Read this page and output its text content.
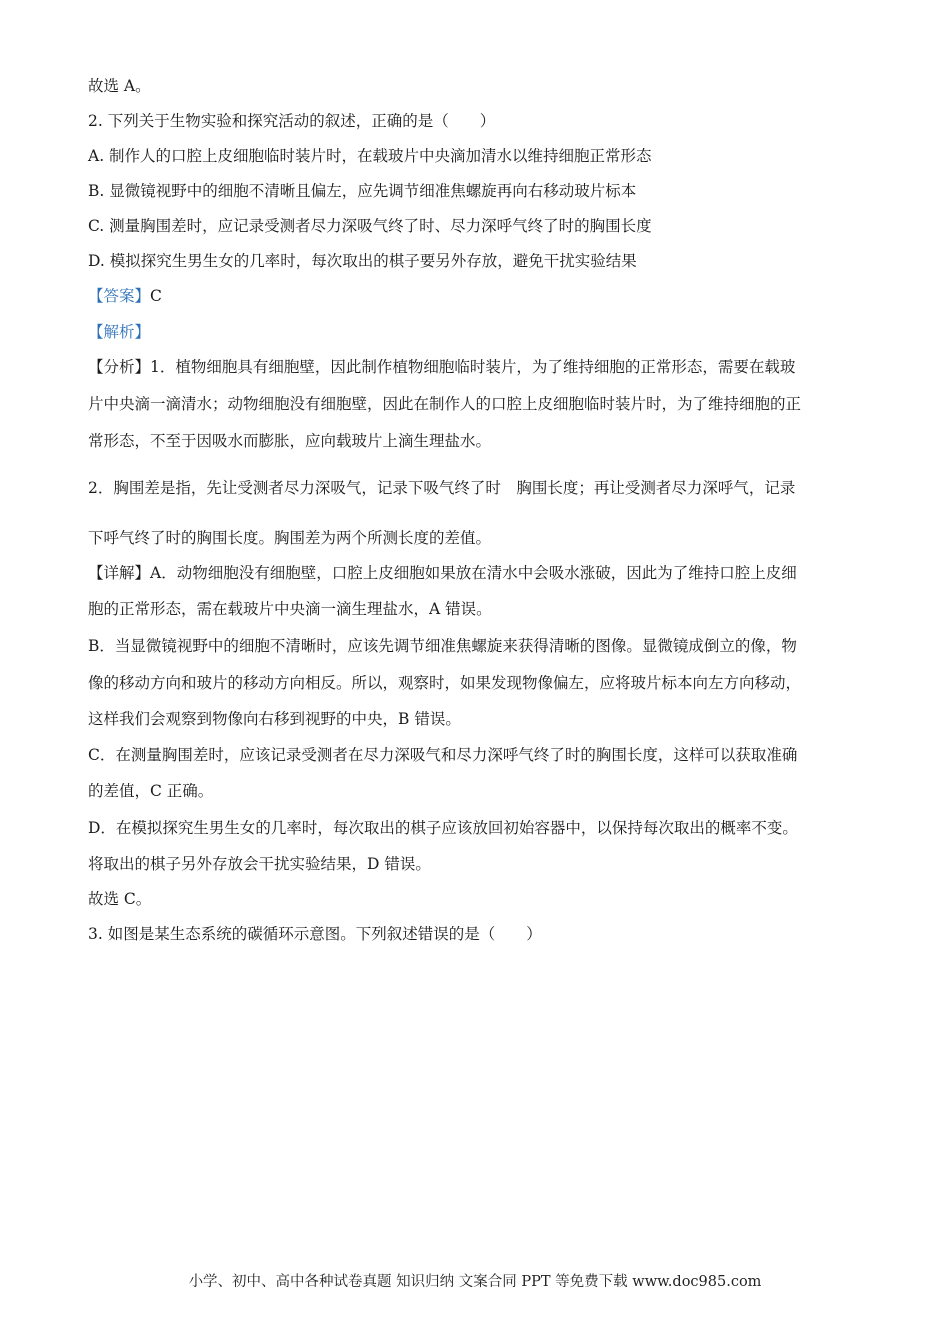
故选 A。
2. 下列关于生物实验和探究活动的叙述，正确的是（　　）
A. 制作人的口腔上皮细胞临时装片时，在载玻片中央滴加清水以维持细胞正常形态
B. 显微镜视野中的细胞不清晰且偏左，应先调节细准焦螺旋再向右移动玻片标本
C. 测量胸围差时，应记录受测者尽力深吸气终了时、尽力深呼气终了时的胸围长度
D. 模拟探究生男生女的几率时，每次取出的棋子要另外存放，避免干扰实验结果
【答案】C
【解析】
【分析】1．植物细胞具有细胞壁，因此制作植物细胞临时装片，为了维持细胞的正常形态，需要在载玻
片中央滴一滴清水；动物细胞没有细胞壁，因此在制作人的口腔上皮细胞临时装片时，为了维持细胞的正
常形态，不至于因吸水而膨胀，应向载玻片上滴生理盐水。
2．胸围差是指，先让受测者尽力深吸气，记录下吸气终了时　胸围长度；再让受测者尽力深呼气，记录
下呼气终了时的胸围长度。胸围差为两个所测长度的差值。
【详解】A．动物细胞没有细胞壁，口腔上皮细胞如果放在清水中会吸水涨破，因此为了维持口腔上皮细
胞的正常形态，需在载玻片中央滴一滴生理盐水，A 错误。
B．当显微镜视野中的细胞不清晰时，应该先调节细准焦螺旋来获得清晰的图像。显微镜成倒立的像，物
像的移动方向和玻片的移动方向相反。所以，观察时，如果发现物像偏左，应将玻片标本向左方向移动，
这样我们会观察到物像向右移到视野的中央，B 错误。
C．在测量胸围差时，应该记录受测者在尽力深吸气和尽力深呼气终了时的胸围长度，这样可以获取准确
的差值，C 正确。
D．在模拟探究生男生女的几率时，每次取出的棋子应该放回初始容器中，以保持每次取出的概率不变。
将取出的棋子另外存放会干扰实验结果，D 错误。
故选 C。
3. 如图是某生态系统的碳循环示意图。下列叙述错误的是（　　）
小学、初中、高中各种试卷真题 知识归纳 文案合同 PPT 等免费下载 www.doc985.com
